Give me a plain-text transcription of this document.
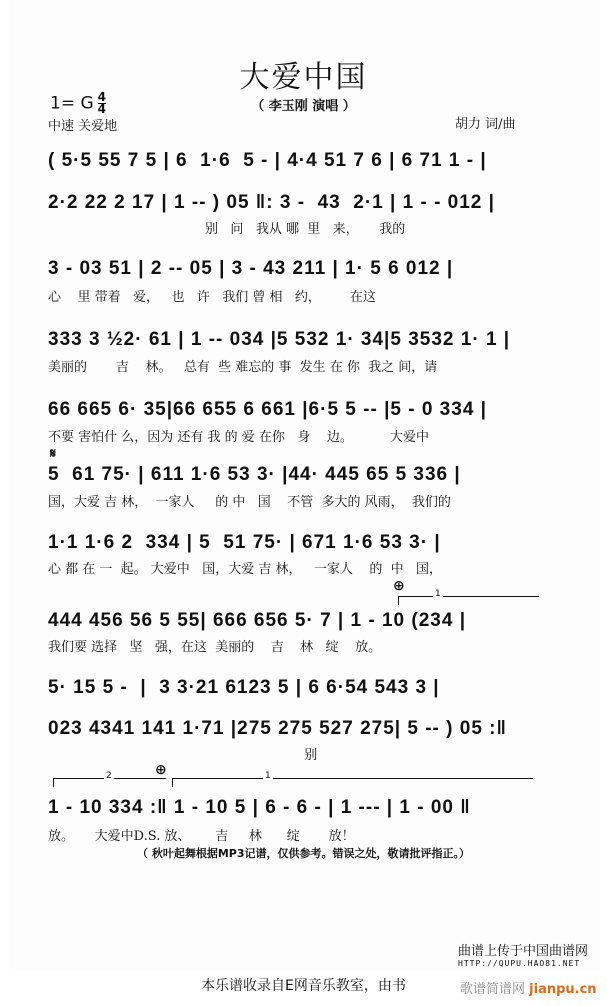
大爱中国
（ 李玉刚 演唱 ）
1= G $\frac{4}{4}$
中速 关爱地	胡力 词/曲
( 5·5 55 7 5 | 6  1·6  5 - | 4·4 51 7 6 | 6 71 1 - |
2·2 22 2 17 | 1 -- ) 05 ‖: 3 -  43  2·1 | 1 - - 012 |
别   问   我从 哪  里   来，     我的
3 - 03 51 | 2 -- 05 | 3 - 43 211 | 1· 5 6 012 |
心    里 带着   爱，   也   许   我们 曾 相   约，       在这
333 3 ½2· 61 | 1 -- 034 |5 532 1· 34|5 3532 1· 1 |
美丽的       吉    林。   总有  些 难忘的 事  发生 在 你  我之 间，请
66 665 6· 35|66 655 6 661 |6·5 5 -- |5 - 0 334 |
不要 害怕什 么，因为 还有 我 的 爱 在你   身    边。         大爱中
𝄋
5  61 75· | 611 1·6 53 3· |44· 445 65 5 336 |
国，大爱 吉 林，  一家人     的 中   国    不管  多大的 风雨，  我们的
1·1 1·6 2  334 | 5  51 75· | 671 1·6 53 3· |
心 都 在 一  起。 大爱中   国，大爱 吉 林，   一家人    的  中   国，
⊕	1
444 456 56 5 55| 666 656 5· 7 | 1 - 10 (234 |
我们要 选择   坚   强，在这  美丽的    吉    林   绽    放。
5· 15 5 -  |  3 3·21 6123 5 | 6 6·54 543 3 |
023 4341 141 1·71 |275 275 527 275| 5 -- ) 05 :‖
别
⊕
2	1
1 - 10 334 :‖ 1 - 10 5 | 6 - 6 - | 1 --- | 1 - 00 ‖
放。     大爱中D.S. 放、      吉     林      绽       放！
（ 秋叶起舞根据MP3记谱，仅供参考。错误之处，敬请批评指正。）
曲谱上传于中国曲谱网
HTTP://QUPU.HAO81.NET
本乐谱收录自E网音乐教室，由书	歌谱简谱网 jianpu.cn
